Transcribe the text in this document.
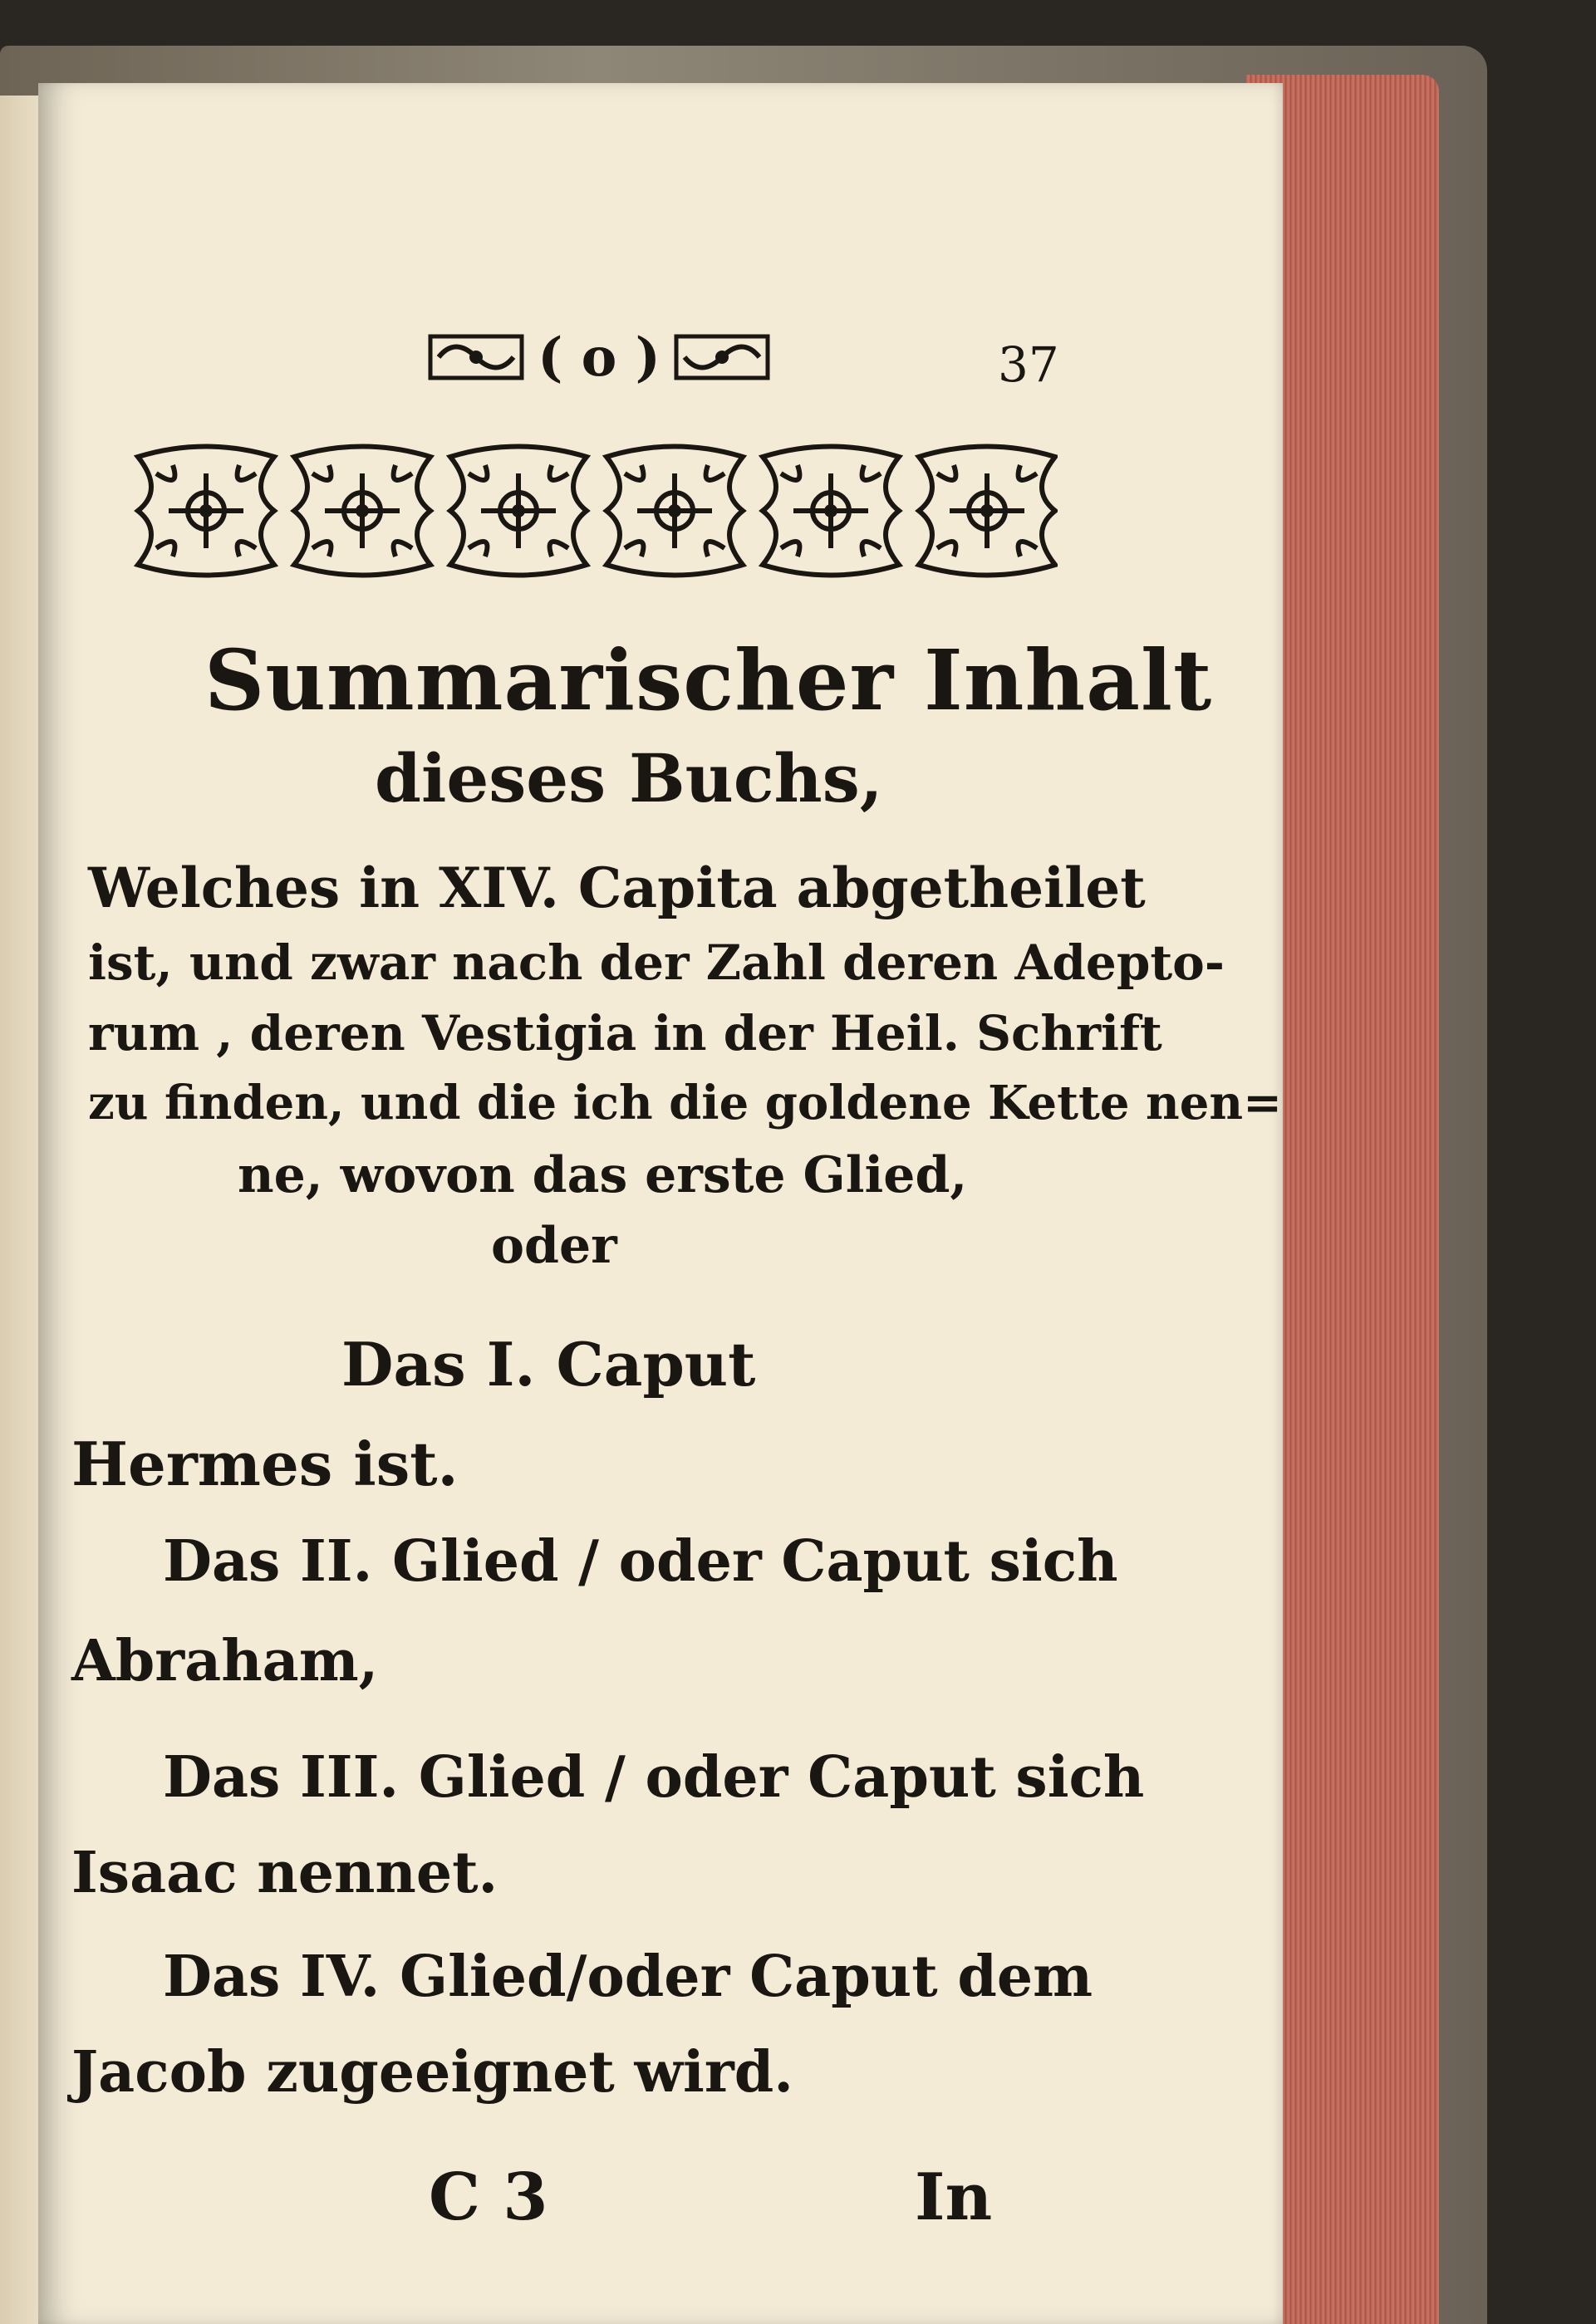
( o )	37
Summarischer Inhalt
dieses Buchs,
Welches in XIV. Capita abgetheilet
ist, und zwar nach der Zahl deren Adepto-
rum , deren Vestigia in der Heil. Schrift
zu finden, und die ich die goldene Kette nen=
ne, wovon das erste Glied,
oder
Das I. Caput
Hermes ist.
Das II. Glied / oder Caput sich
Abraham,
Das III. Glied / oder Caput sich
Isaac nennet.
Das IV. Glied/oder Caput dem
Jacob zugeeignet wird.
C 3	In
